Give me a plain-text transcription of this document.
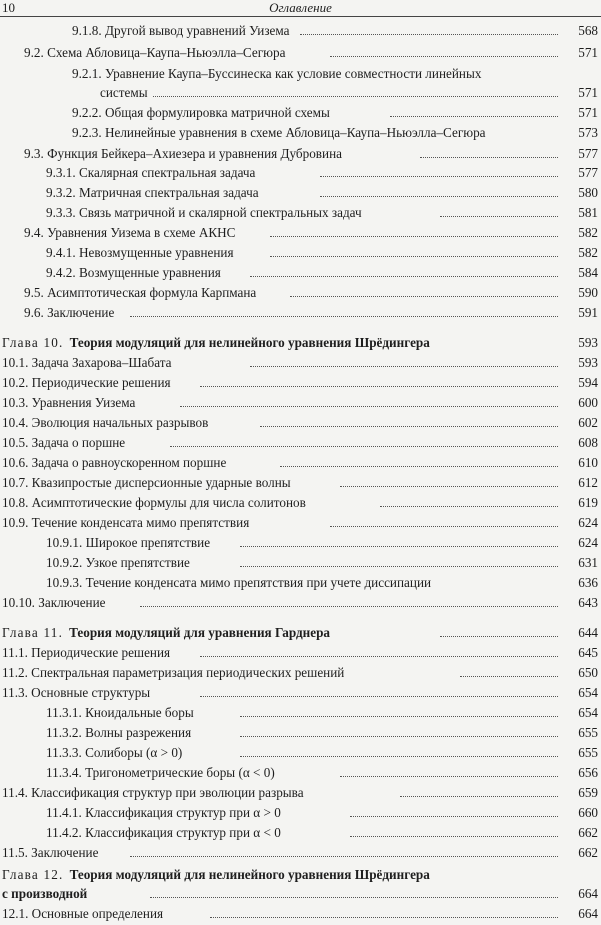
10	Оглавление
9.1.8. Другой вывод уравнений Уизема	568
9.2. Схема Абловица–Каупа–Ньюэлла–Сегюра	571
9.2.1. Уравнение Каупа–Буссинеска как условие совместности линейных
системы	571
9.2.2. Общая формулировка матричной схемы	571
9.2.3. Нелинейные уравнения в схеме Абловица–Каупа–Ньюэлла–Сегюра	573
9.3. Функция Бейкера–Ахиезера и уравнения Дубровина	577
9.3.1. Скалярная спектральная задача	577
9.3.2. Матричная спектральная задача	580
9.3.3. Связь матричной и скалярной спектральных задач	581
9.4. Уравнения Уизема в схеме АКНС	582
9.4.1. Невозмущенные уравнения	582
9.4.2. Возмущенные уравнения	584
9.5. Асимптотическая формула Карпмана	590
9.6. Заключение	591
Глава 10. Теория модуляций для нелинейного уравнения Шрёдингера	593
10.1. Задача Захарова–Шабата	593
10.2. Периодические решения	594
10.3. Уравнения Уизема	600
10.4. Эволюция начальных разрывов	602
10.5. Задача о поршне	608
10.6. Задача о равноускоренном поршне	610
10.7. Квазипростые дисперсионные ударные волны	612
10.8. Асимптотические формулы для числа солитонов	619
10.9. Течение конденсата мимо препятствия	624
10.9.1. Широкое препятствие	624
10.9.2. Узкое препятствие	631
10.9.3. Течение конденсата мимо препятствия при учете диссипации	636
10.10. Заключение	643
Глава 11. Теория модуляций для уравнения Гарднера	644
11.1. Периодические решения	645
11.2. Спектральная параметризация периодических решений	650
11.3. Основные структуры	654
11.3.1. Кноидальные боры	654
11.3.2. Волны разрежения	655
11.3.3. Солиборы (α > 0)	655
11.3.4. Тригонометрические боры (α < 0)	656
11.4. Классификация структур при эволюции разрыва	659
11.4.1. Классификация структур при α > 0	660
11.4.2. Классификация структур при α < 0	662
11.5. Заключение	662
Глава 12. Теория модуляций для нелинейного уравнения Шрёдингера
с производной	664
12.1. Основные определения	664
